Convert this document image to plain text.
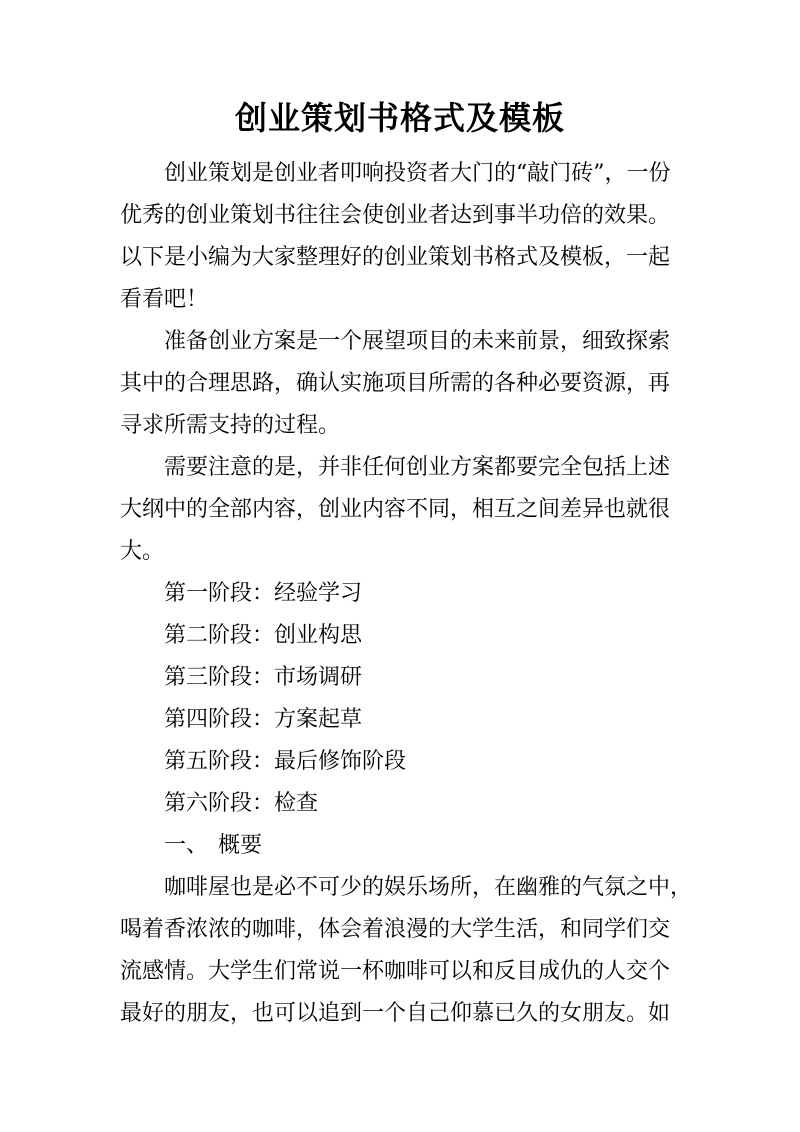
创业策划书格式及模板
创业策划是创业者叩响投资者大门的“敲门砖”，一份
优秀的创业策划书往往会使创业者达到事半功倍的效果。
以下是小编为大家整理好的创业策划书格式及模板，一起
看看吧！
准备创业方案是一个展望项目的未来前景，细致探索
其中的合理思路，确认实施项目所需的各种必要资源，再
寻求所需支持的过程。
需要注意的是，并非任何创业方案都要完全包括上述
大纲中的全部内容，创业内容不同，相互之间差异也就很
大。
第一阶段：经验学习
第二阶段：创业构思
第三阶段：市场调研
第四阶段：方案起草
第五阶段：最后修饰阶段
第六阶段：检查
一、 概要
咖啡屋也是必不可少的娱乐场所，在幽雅的气氛之中，
喝着香浓浓的咖啡，体会着浪漫的大学生活，和同学们交
流感情。大学生们常说一杯咖啡可以和反目成仇的人交个
最好的朋友，也可以追到一个自己仰慕已久的女朋友。如
